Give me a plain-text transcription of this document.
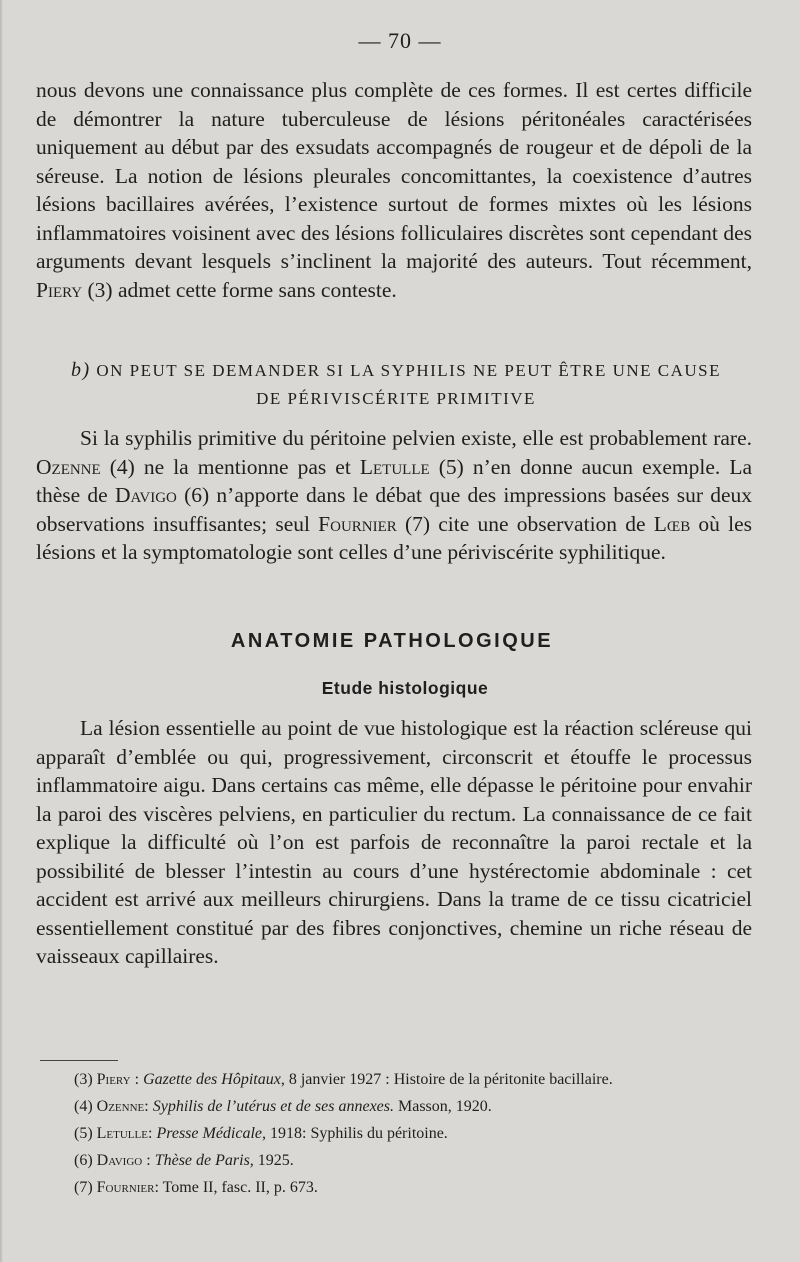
— 70 —

nous devons une connaissance plus complète de ces formes. Il est certes difficile de démontrer la nature tuberculeuse de lésions péritonéales caractérisées uniquement au début par des exsudats accompagnés de rougeur et de dépoli de la séreuse. La notion de lésions pleurales concomittantes, la coexistence d’autres lésions bacillaires avérées, l’existence surtout de formes mixtes où les lésions inflammatoires voisinent avec des lésions folliculaires discrètes sont cependant des arguments devant lesquels s’inclinent la majorité des auteurs. Tout récemment, Piery (3) admet cette forme sans conteste.

b) ON PEUT SE DEMANDER SI LA SYPHILIS NE PEUT ÊTRE UNE CAUSE
DE PÉRIVISCÉRITE PRIMITIVE

Si la syphilis primitive du péritoine pelvien existe, elle est probablement rare. Ozenne (4) ne la mentionne pas et Letulle (5) n’en donne aucun exemple. La thèse de Davigo (6) n’apporte dans le débat que des impressions basées sur deux observations insuffisantes; seul Fournier (7) cite une observation de Lœb où les lésions et la symptomatologie sont celles d’une périviscérite syphilitique.

ANATOMIE PATHOLOGIQUE
Etude histologique

La lésion essentielle au point de vue histologique est la réaction scléreuse qui apparaît d’emblée ou qui, progressivement, circonscrit et étouffe le processus inflammatoire aigu. Dans certains cas même, elle dépasse le péritoine pour envahir la paroi des viscères pelviens, en particulier du rectum. La connaissance de ce fait explique la difficulté où l’on est parfois de reconnaître la paroi rectale et la possibilité de blesser l’intestin au cours d’une hystérectomie abdominale : cet accident est arrivé aux meilleurs chirurgiens. Dans la trame de ce tissu cicatriciel essentiellement constitué par des fibres conjonctives, chemine un riche réseau de vaisseaux capillaires.

(3) Piery : Gazette des Hôpitaux, 8 janvier 1927 : Histoire de la péritonite bacillaire.
(4) Ozenne: Syphilis de l’utérus et de ses annexes. Masson, 1920.
(5) Letulle: Presse Médicale, 1918: Syphilis du péritoine.
(6) Davigo : Thèse de Paris, 1925.
(7) Fournier: Tome II, fasc. II, p. 673.
